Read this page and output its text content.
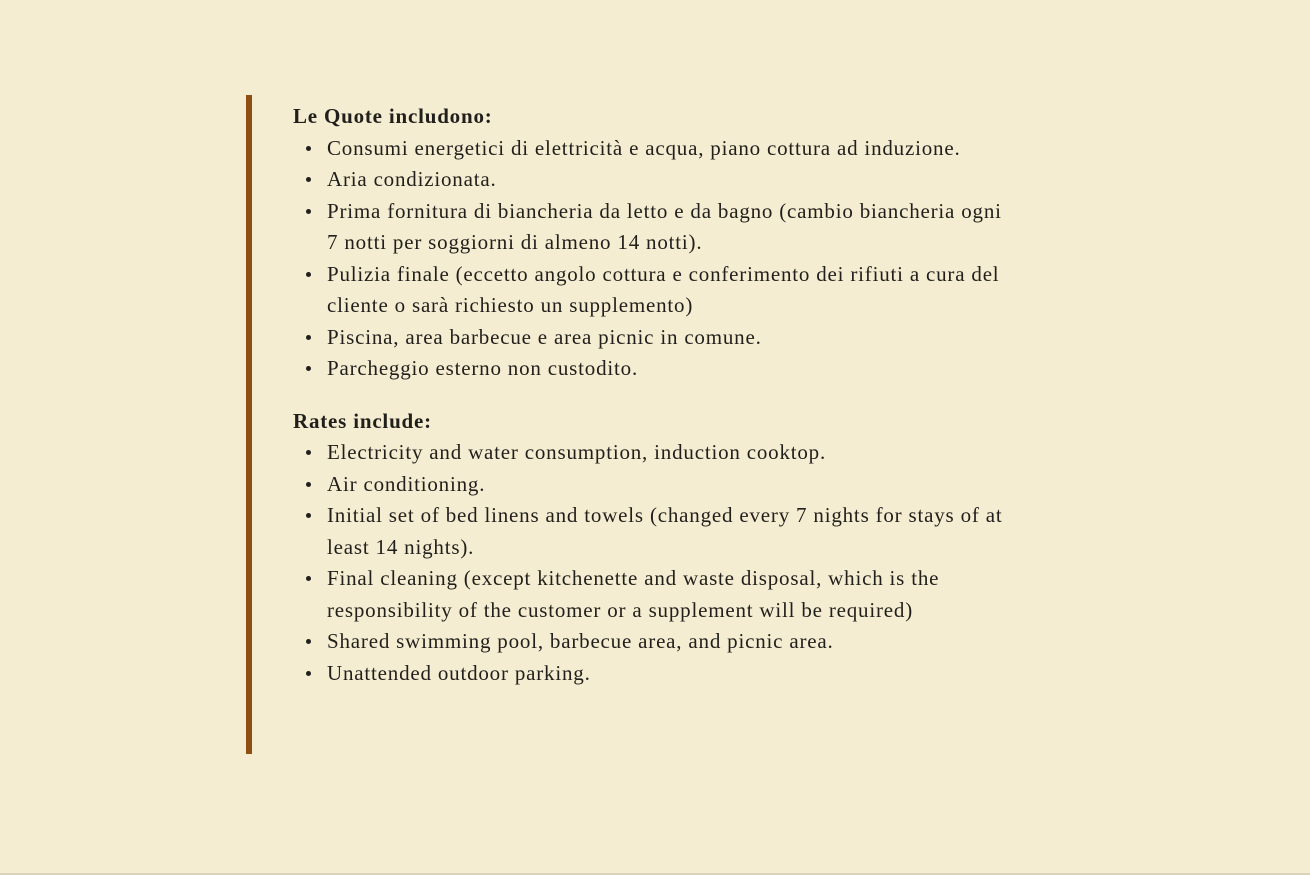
Le Quote includono:
Consumi energetici di elettricità e acqua, piano cottura ad induzione.
Aria condizionata.
Prima fornitura di biancheria da letto e da bagno (cambio biancheria ogni 7 notti per soggiorni di almeno 14 notti).
Pulizia finale (eccetto angolo cottura e conferimento dei rifiuti a cura del cliente o sarà richiesto un supplemento)
Piscina, area barbecue e area picnic in comune.
Parcheggio esterno non custodito.
Rates include:
Electricity and water consumption, induction cooktop.
Air conditioning.
Initial set of bed linens and towels (changed every 7 nights for stays of at least 14 nights).
Final cleaning (except kitchenette and waste disposal, which is the responsibility of the customer or a supplement will be required)
Shared swimming pool, barbecue area, and picnic area.
Unattended outdoor parking.
